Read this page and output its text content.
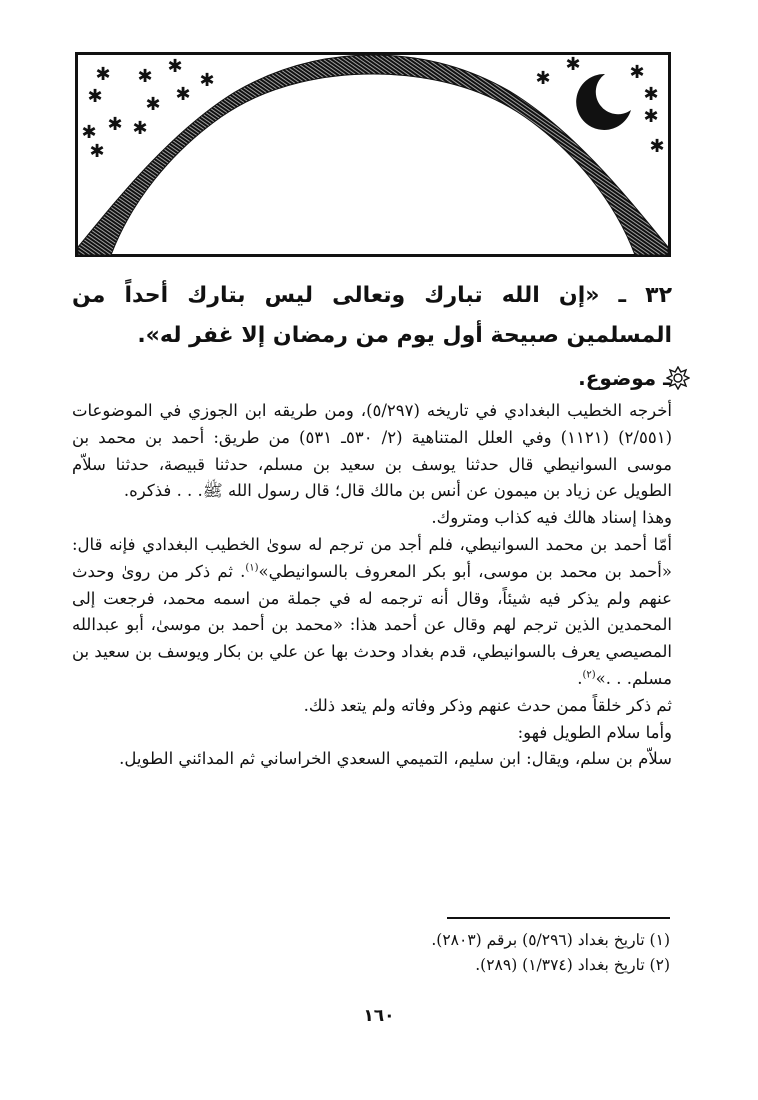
✱ ✱ ✱
✱
✱ ✱ ✱
✱ ✱
✱
✱
✱
✱	✱
✱
✱
✱
٣٢ ـ «إن الله تبارك وتعالى ليس بتارك أحداً من المسلمين صبيحة أول يوم من رمضان إلا غفر له».
ـ موضوع.

أخرجه الخطيب البغدادي في تاريخه (٥/٢٩٧)، ومن طريقه ابن الجوزي في الموضوعات (٢/٥٥١) (١١٢١) وفي العلل المتناهية (٢/ ٥٣٠ـ ٥٣١) من طريق: أحمد بن محمد بن موسى السوانيطي قال حدثنا يوسف بن سعيد بن مسلم، حدثنا قبيصة، حدثنا سلاّم الطويل عن زياد بن ميمون عن أنس بن مالك قال؛ قال رسول الله ﷺ. . . فذكره.

وهذا إسناد هالك فيه كذاب ومتروك.

أمّا أحمد بن محمد السوانيطي، فلم أجد من ترجم له سوىٰ الخطيب البغدادي فإنه قال: «أحمد بن محمد بن موسى، أبو بكر المعروف بالسوانيطي»$^{(١)}$. ثم ذكر من روىٰ وحدث عنهم ولم يذكر فيه شيئاً، وقال أنه ترجمه له في جملة من اسمه محمد، فرجعت إلى المحمدين الذين ترجم لهم وقال عن أحمد هذا: «محمد بن أحمد بن موسىٰ، أبو عبدالله المصيصي يعرف بالسوانيطي، قدم بغداد وحدث بها عن علي بن بكار ويوسف بن سعيد بن مسلم. . .»$^{(٢)}$.

ثم ذكر خلقاً ممن حدث عنهم وذكر وفاته ولم يتعد ذلك.

وأما سلام الطويل فهو:

سلاّم بن سلم، ويقال: ابن سليم، التميمي السعدي الخراساني ثم المدائني الطويل.

(١) تاريخ بغداد (٥/٢٩٦) برقم (٢٨٠٣).
(٢) تاريخ بغداد (١/٣٧٤) (٢٨٩).
١٦٠
